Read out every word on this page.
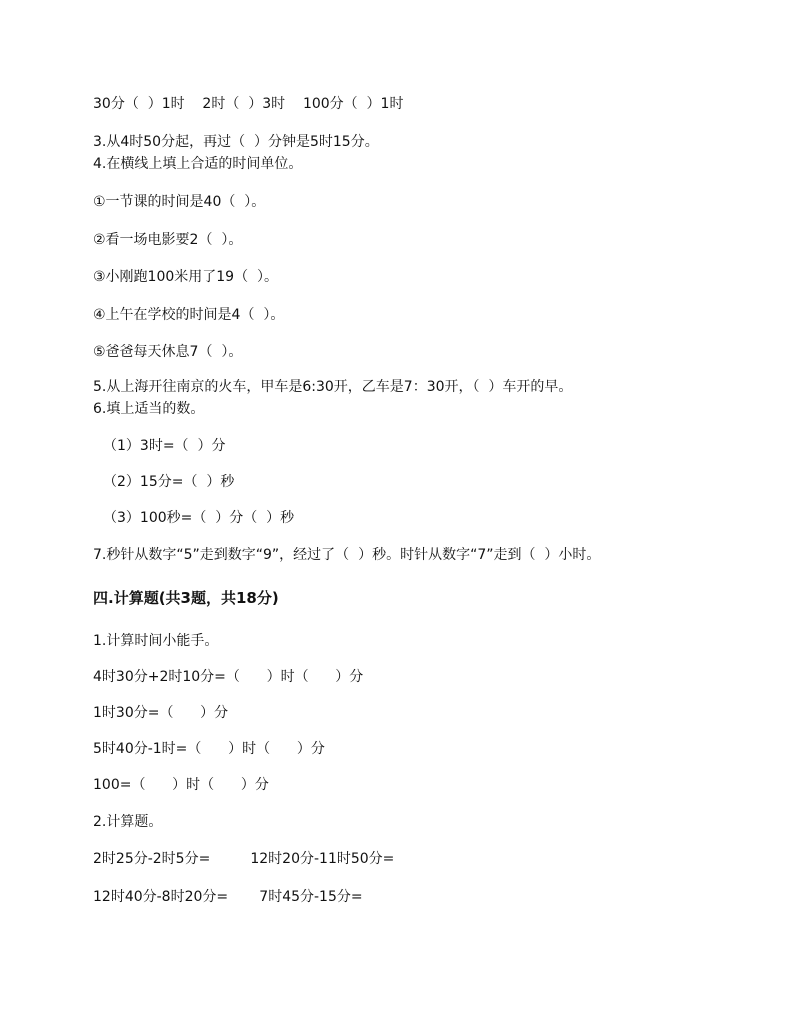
30分（  ）1时    2时（  ）3时    100分（  ）1时
3.从4时50分起，再过（  ）分钟是5时15分。
4.在横线上填上合适的时间单位。
①一节课的时间是40（  ）。
②看一场电影要2（  ）。
③小刚跑100米用了19（  ）。
④上午在学校的时间是4（  ）。
⑤爸爸每天休息7（  ）。
5.从上海开往南京的火车，甲车是6:30开，乙车是7：30开，（  ）车开的早。
6.填上适当的数。
（1）3时=（  ）分
（2）15分=（  ）秒
（3）100秒=（  ）分（  ）秒
7.秒针从数字“5”走到数字“9”，经过了（  ）秒。时针从数字“7”走到（  ）小时。
四.计算题(共3题，共18分)
1.计算时间小能手。
4时30分+2时10分=（      ）时（      ）分
1时30分=（      ）分
5时40分-1时=（      ）时（      ）分
100=（      ）时（      ）分
2.计算题。
2时25分-2时5分=         12时20分-11时50分=
12时40分-8时20分=       7时45分-15分=
